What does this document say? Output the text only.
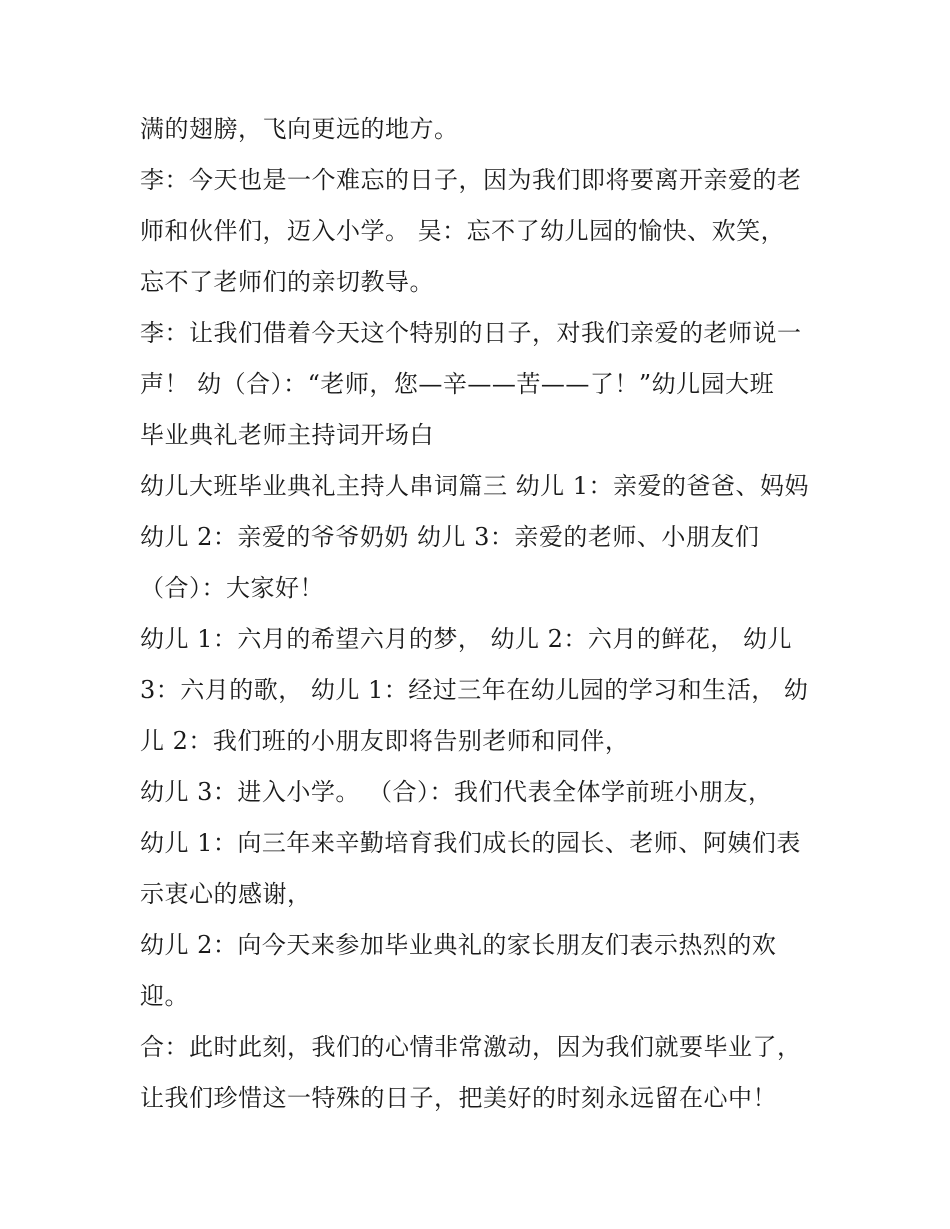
满的翅膀，飞向更远的地方。
李：今天也是一个难忘的日子，因为我们即将要离开亲爱的老
师和伙伴们，迈入小学。 吴：忘不了幼儿园的愉快、欢笑，
忘不了老师们的亲切教导。
李：让我们借着今天这个特别的日子，对我们亲爱的老师说一
声！ 幼（合）：“老师，您—辛——苦——了！”幼儿园大班
毕业典礼老师主持词开场白
幼儿大班毕业典礼主持人串词篇三 幼儿 1：亲爱的爸爸、妈妈
幼儿 2：亲爱的爷爷奶奶 幼儿 3：亲爱的老师、小朋友们
（合）：大家好！
幼儿 1：六月的希望六月的梦， 幼儿 2：六月的鲜花， 幼儿
3：六月的歌， 幼儿 1：经过三年在幼儿园的学习和生活， 幼
儿 2：我们班的小朋友即将告别老师和同伴，
幼儿 3：进入小学。 （合）：我们代表全体学前班小朋友，
幼儿 1：向三年来辛勤培育我们成长的园长、老师、阿姨们表
示衷心的感谢，
幼儿 2：向今天来参加毕业典礼的家长朋友们表示热烈的欢
迎。
合：此时此刻，我们的心情非常激动，因为我们就要毕业了，
让我们珍惜这一特殊的日子，把美好的时刻永远留在心中！
